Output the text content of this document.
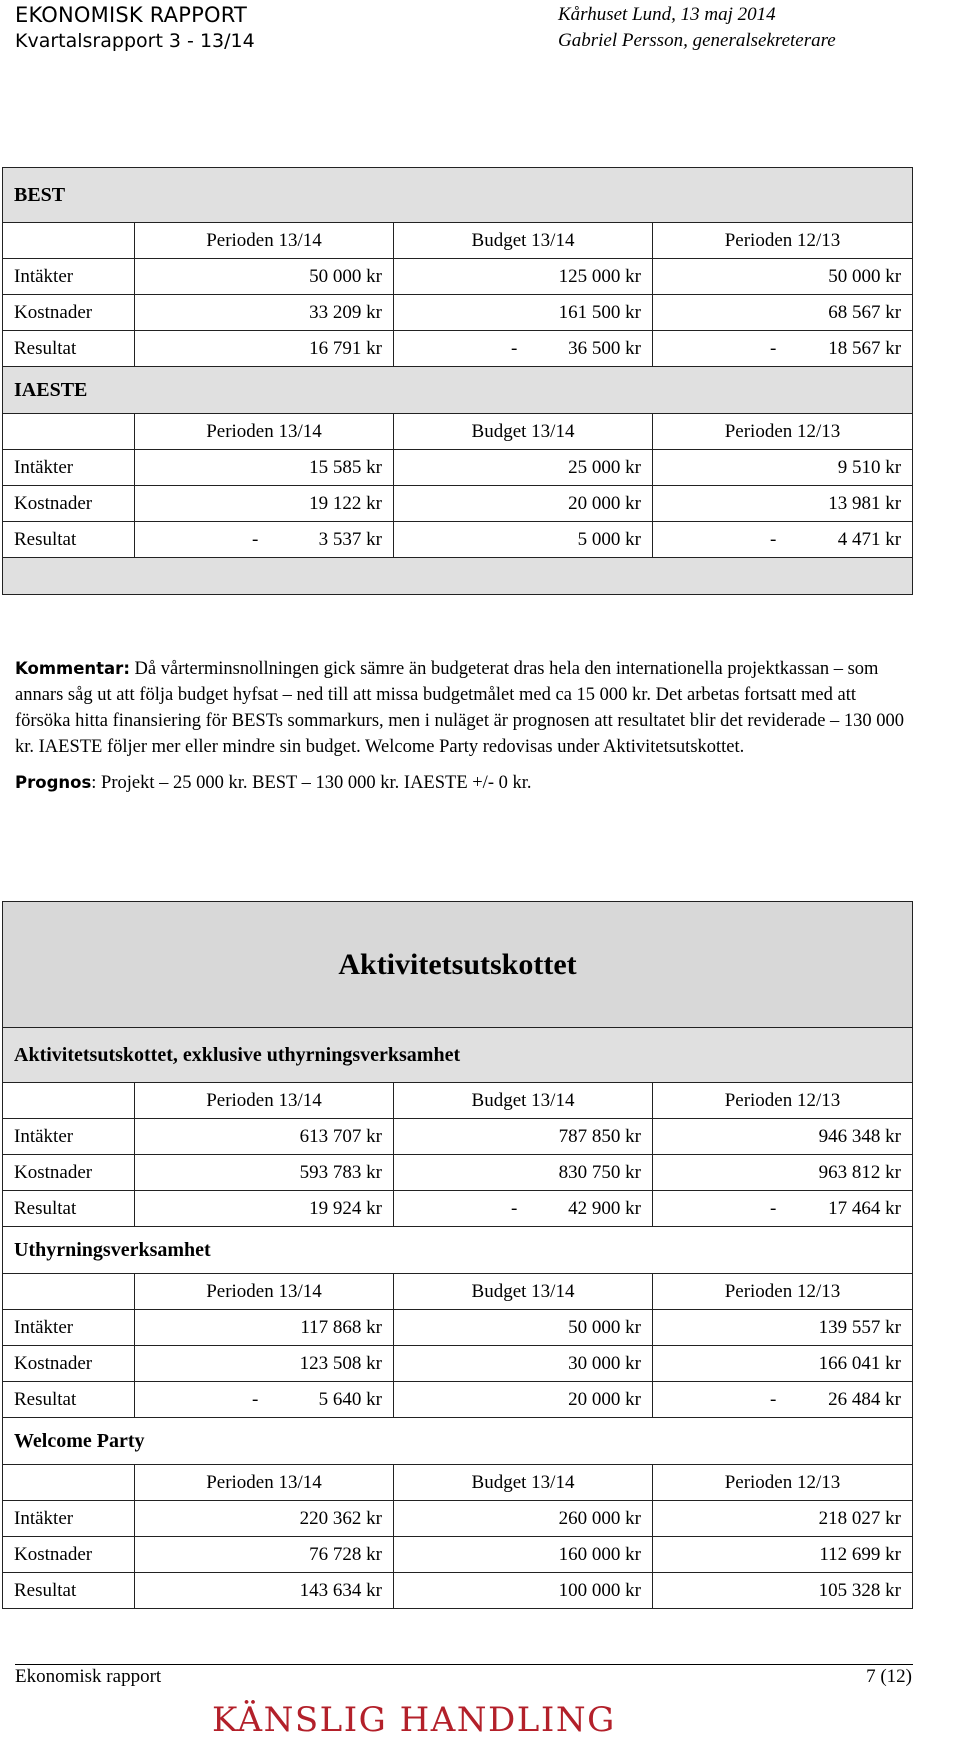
EKONOMISK RAPPORT
Kvartalsrapport 3 - 13/14
Kårhuset Lund, 13 maj 2014
Gabriel Persson, generalsekreterare
BEST			
	Perioden 13/14	Budget 13/14	Perioden 12/13
Intäkter	50 000 kr	125 000 kr	50 000 kr
Kostnader	33 209 kr	161 500 kr	68 567 kr
Resultat	16 791 kr	- 36 500 kr	- 18 567 kr
IAESTE			
	Perioden 13/14	Budget 13/14	Perioden 12/13
Intäkter	15 585 kr	25 000 kr	9 510 kr
Kostnader	19 122 kr	20 000 kr	13 981 kr
Resultat	- 3 537 kr	5 000 kr	- 4 471 kr

Kommentar: Då vårterminsnollningen gick sämre än budgeterat dras hela den internationella projektkassan – som annars såg ut att följa budget hyfsat – ned till att missa budgetmålet med ca 15 000 kr. Det arbetas fortsatt med att försöka hitta finansiering för BESTs sommarkurs, men i nuläget är prognosen att resultatet blir det reviderade – 130 000 kr. IAESTE följer mer eller mindre sin budget. Welcome Party redovisas under Aktivitetsutskottet.
Prognos: Projekt – 25 000 kr. BEST – 130 000 kr. IAESTE +/- 0 kr.
Aktivitetsutskottet			
Aktivitetsutskottet, exklusive uthyrningsverksamhet			
	Perioden 13/14	Budget 13/14	Perioden 12/13
Intäkter	613 707 kr	787 850 kr	946 348 kr
Kostnader	593 783 kr	830 750 kr	963 812 kr
Resultat	19 924 kr	- 42 900 kr	- 17 464 kr
Uthyrningsverksamhet			
	Perioden 13/14	Budget 13/14	Perioden 12/13
Intäkter	117 868 kr	50 000 kr	139 557 kr
Kostnader	123 508 kr	30 000 kr	166 041 kr
Resultat	- 5 640 kr	20 000 kr	- 26 484 kr
Welcome Party			
	Perioden 13/14	Budget 13/14	Perioden 12/13
Intäkter	220 362 kr	260 000 kr	218 027 kr
Kostnader	76 728 kr	160 000 kr	112 699 kr
Resultat	143 634 kr	100 000 kr	105 328 kr
Ekonomisk rapport	7 (12)
KÄNSLIG HANDLING
